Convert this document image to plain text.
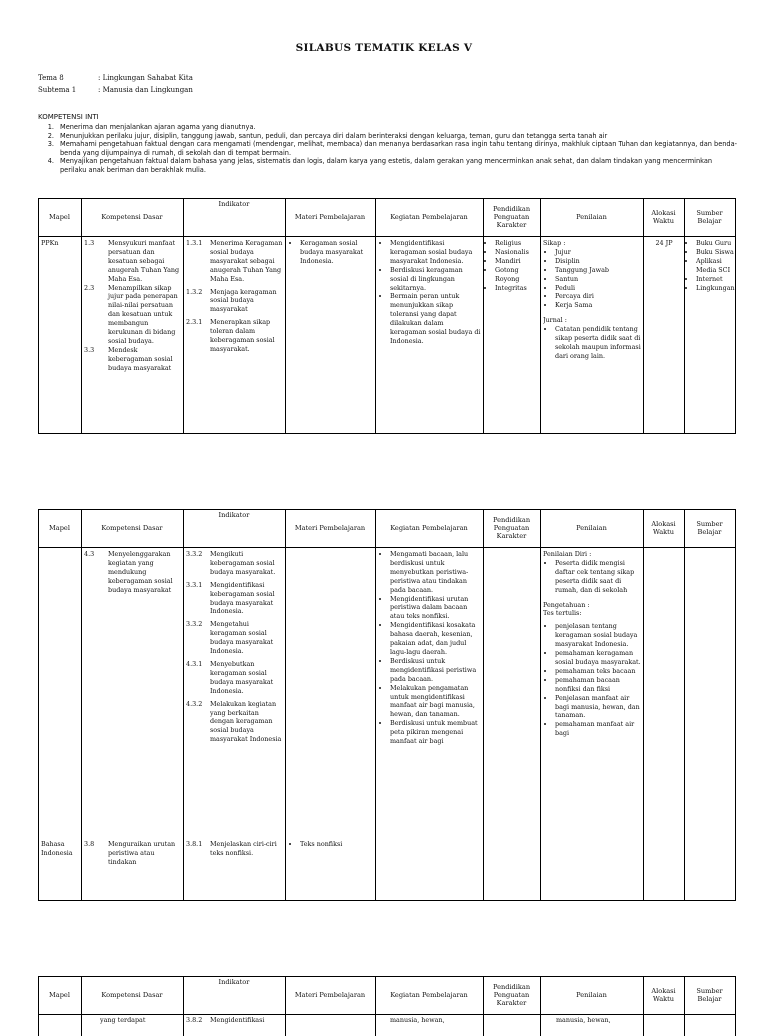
SILABUS TEMATIK KELAS V
Tema 8	: Lingkungan Sahabat Kita
Subtema 1	: Manusia dan Lingkungan
KOMPETENSI INTI
1. Menerima dan menjalankan ajaran agama yang dianutnya.
2. Menunjukkan perilaku jujur, disiplin, tanggung jawab, santun, peduli, dan percaya diri dalam berinteraksi dengan keluarga, teman, guru dan tetangga serta tanah air
3. Memahami pengetahuan faktual dengan cara mengamati (mendengar, melihat, membaca) dan menanya berdasarkan rasa ingin tahu tentang dirinya, makhluk ciptaan Tuhan dan kegiatannya, dan benda-benda yang dijumpainya di rumah, di sekolah dan di tempat bermain.
4. Menyajikan pengetahuan faktual dalam bahasa yang jelas, sistematis dan logis, dalam karya yang estetis, dalam gerakan yang mencerminkan anak sehat, dan dalam tindakan yang mencerminkan perilaku anak beriman dan berakhlak mulia.
Mapel	Kompetensi Dasar
Indikator
Materi Pembelajaran	Kegiatan Pembelajaran
Pendidikan Penguatan Karakter
Penilaian	Alokasi Waktu
Sumber Belajar
PPKn	1.3	Mensyukuri manfaat persatuan dan kesatuan sebagai anugerah Tuhan Yang Maha Esa.
2.3	Menampilkan sikap jujur pada penerapan nilai-nilai persatuan dan kesatuan untuk membangun kerukunan di bidang sosial budaya.
3.3	Mendesk keberagaman sosial budaya masyarakat
1.3.1	Menerima Keragaman sosial budaya masyarakat sebagai anugerah Tuhan Yang Maha Esa.
1.3.2	Menjaga keragaman sosial budaya masyarakat
2.3.1	Menerapkan sikap toleran dalam keberagaman sosial masyarakat.
• Keragaman sosial budaya masyarakat Indonesia.
• Mengidentifikasi keragaman sosial budaya masyarakat Indonesia.
• Berdiskusi keragaman sosial di lingkungan sekitarnya.
• Bermain peran untuk menunjukkan sikap toleransi yang dapat dilakukan dalam keragaman sosial budaya di Indonesia.
• Religius
• Nasionalis
• Mandiri
• Gotong Royong
• Integritas

Sikap :

• Jujur
• Disiplin
• Tanggung Jawab
• Santun
• Peduli
• Percaya diri
• Kerja Sama

Jurnal :

• Catatan pendidik tentang sikap peserta didik saat di sekolah maupun informasi dari orang lain.
24 JP
•	Buku Guru
• Buku Siswa
• Aplikasi Media SCI
• Internet
• Lingkungan
Mapel	Kompetensi Dasar
Indikator
Materi Pembelajaran	Kegiatan Pembelajaran
Pendidikan Penguatan Karakter
Penilaian	Alokasi Waktu
Sumber Belajar
4.3	Menyelenggarakan kegiatan yang mendukung keberagaman sosial budaya masyarakat
3.3.2	Mengikuti keberagaman sosial budaya masyarakat.
3.3.1	Mengidentifikasi keberagaman sosial budaya masyarakat Indonesia.
3.3.2	Mengetahui keragaman sosial budaya masyarakat Indonesia.
4.3.1	Menyebutkan keragaman sosial budaya masyarakat Indonesia.
4.3.2	Melakukan kegiatan yang berkaitan dengan keragaman sosial budaya masyarakat Indonesia
• Mengamati bacaan, lalu berdiskusi untuk menyebutkan peristiwa-peristiwa atau tindakan pada bacaan.
• Mengidentifikasi urutan peristiwa dalam bacaan atau teks nonfiksi.
• Mengidentifikasi kosakata bahasa daerah, kesenian, pakaian adat, dan judul lagu-lagu daerah.
• Berdiskusi untuk mengidentifikasi peristiwa pada bacaan.
• Melakukan pengamatan untuk mengidentifikasi manfaat air bagi manusia, hewan, dan tanaman.
• Berdiskusi untuk membuat peta pikiran mengenai manfaat air bagi

Penilaian Diri :

• Peserta didik mengisi daftar cek tentang sikap peserta didik saat di rumah, dan di sekolah

Pengetahuan :

Tes tertulis:

• penjelasan tentang keragaman sosial budaya masyarakat Indonesia.
• pemahaman keragaman sosial budaya masyarakat.
• pemahaman teks bacaan
• pemahaman bacaan nonfiksi dan fiksi
• Penjelasan manfaat air bagi manusia, hewan, dan tanaman.
• pemahaman manfaat air bagi
Bahasa Indonesia
3.8	Menguraikan urutan peristiwa atau tindakan
3.8.1	Menjelaskan ciri-ciri teks nonfiksi.
• Teks nonfiksi
Mapel	Kompetensi Dasar
Indikator
Materi Pembelajaran	Kegiatan Pembelajaran
Pendidikan Penguatan Karakter
Penilaian	Alokasi Waktu
Sumber Belajar
yang terdapat	3.8.2	Mengidentifikasi	manusia, hewan,	manusia, hewan,
